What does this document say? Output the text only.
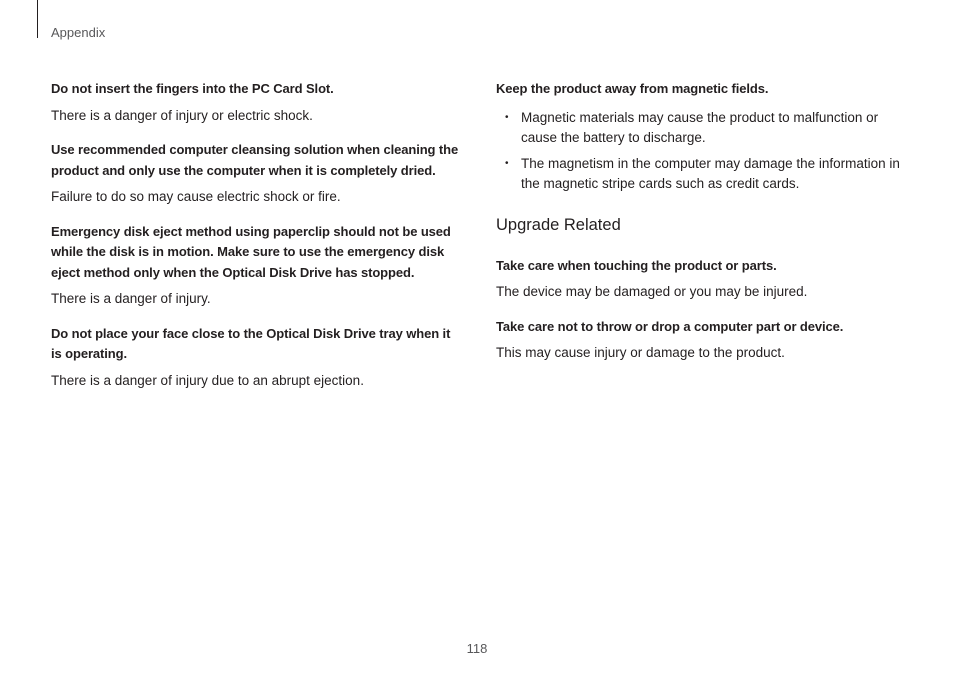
Appendix

Do not insert the fingers into the PC Card Slot.

There is a danger of injury or electric shock.

Use recommended computer cleansing solution when cleaning the product and only use the computer when it is completely dried.

Failure to do so may cause electric shock or fire.

Emergency disk eject method using paperclip should not be used while the disk is in motion. Make sure to use the emergency disk eject method only when the Optical Disk Drive has stopped.

There is a danger of injury.

Do not place your face close to the Optical Disk Drive tray when it is operating.

There is a danger of injury due to an abrupt ejection.

Keep the product away from magnetic fields.

• Magnetic materials may cause the product to malfunction or cause the battery to discharge.
• The magnetism in the computer may damage the information in the magnetic stripe cards such as credit cards.
Upgrade Related

Take care when touching the product or parts.

The device may be damaged or you may be injured.

Take care not to throw or drop a computer part or device.

This may cause injury or damage to the product.

118
